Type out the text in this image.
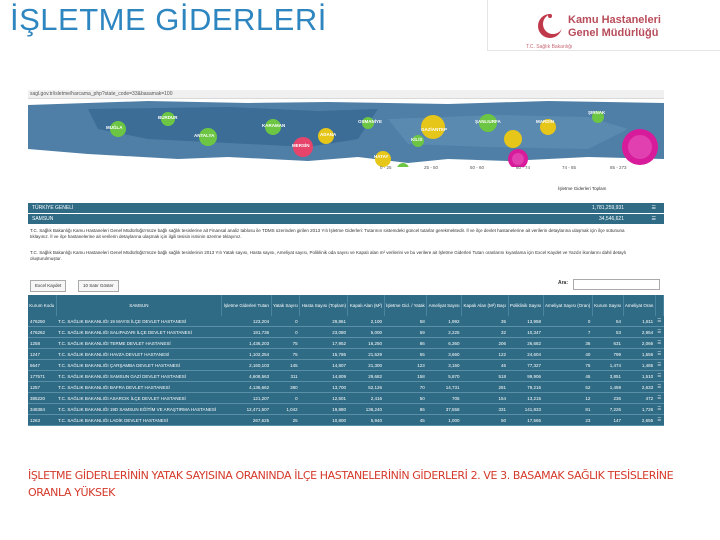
İŞLETME GİDERLERİ	Kamu Hastaneleri
Genel Müdürlüğü
T.C. Sağlık Bakanlığı
sagl.gov.tr/isletme/harcama_php?state_code=33&basamak=100
BURDUR
MUĞLA
ANTALYA
KARAMAN
ADANA
MERSİN
OSMANİYE
GAZİANTEP
ŞANLIURFA
KİLİS
HATAY
MARDİN
ŞIRNAK
0 - 25	25 - 50	50 - 60	60 - 74	74 - 85	85 - 273
İşletme Giderleri Toplam
TÜRKİYE GENELİ	1,781,259,931	☰
SAMSUN	34,546,621	☰
T.C. Sağlık Bakanlığı Kamu Hastaneleri Genel Müdürlüğü'müze bağlı sağlık tesislerine ait Finansal analiz tablosu ile TDMS üzerinden girilen 2013 Yılı İşletme Giderleri: Tutarının sistemdeki güncel tutarlar gerekmektedir. İl ve ilçe devlet hastanelerine ait verilerin detaylarına ulaşmak için ilçe sütununa tıklayınız. İl ve ilçe hastanelerine ait verilerin detaylarına ulaşmak için ilgili tesisin isminin üzerine tıklayınız.
T.C. Sağlık Bakanlığı Kamu Hastaneleri Genel Müdürlüğü'müze bağlı sağlık tesislerinin 2013 Yılı Yatak sayısı, Hasta sayısı, Ameliyat sayısı, Poliklinik oda sayısı ve Kapalı alan m² verilerini ve bu verilere ait İşletme Giderleri Tutarı oranlarını kıyaslama için Excel Kaydet ve Yazdır ikonlarını dahil detaylı oluşturulmuştur.
Excel Kaydet	10 Satır Göster	Ara:
Kurum Kodu	SAMSUN	İşletme Giderleri Tutarı	Yatak Sayısı	Hasta Sayısı (Toplam)	Kapalı Alan (M²)	İşletme Gid. / Yatak	Ameliyat Sayısı	Kapalı Alan (M²) Başı	Poliklinik Sayısı	Ameliyat Sayısı (Oran)	Kurum Sayısı	Ameliyat Oran	
476250	T.C. SAĞLIK BAKANLIĞI 19 MAYIS İLÇE DEVLET HASTANESİ	123,204	0	29,861	2,100	58	1,992	35	13,958	0	54	1,811	☰
476262	T.C. SAĞLIK BAKANLIĞI SALIPAZARI İLÇE DEVLET HASTANESİ	181,736	0	23,080	5,000	59	2,225	32	10,347	7	53	2,954	☰
1258	T.C. SAĞLIK BAKANLIĞI TERME DEVLET HASTANESİ	1,436,203	75	17,952	16,250	86	6,360	206	26,682	36	631	2,066	☰
1247	T.C. SAĞLIK BAKANLIĞI HAVZA DEVLET HASTANESİ	1,102,254	75	15,786	21,529	55	3,660	122	24,604	40	799	1,556	☰
6647	T.C. SAĞLIK BAKANLIĞI ÇARŞAMBA DEVLET HASTANESİ	2,160,103	145	14,807	21,300	123	3,150	46	77,327	75	1,474	1,485	☰
177571	T.C. SAĞLIK BAKANLIĞI SAMSUN GAZİ DEVLET HASTANESİ	4,608,563	311	14,809	29,682	158	5,870	518	99,906	45	3,851	1,510	☰
1257	T.C. SAĞLIK BAKANLIĞI BAFRA DEVLET HASTANESİ	4,136,662	380	13,700	52,126	70	14,731	281	79,216	52	1,459	2,633	☰
385220	T.C. SAĞLIK BAKANLIĞI ASARCIK İLÇE DEVLET HASTANESİ	121,207	0	12,501	2,416	50	705	154	13,215	12	236	472	☰
348384	T.C. SAĞLIK BAKANLIĞI 19D SAMSUN EĞİTİM VE ARAŞTIRMA HASTANESİ	12,471,507	1,042	19,880	136,240	86	37,558	331	141,833	81	7,226	1,726	☰
1263	T.C. SAĞLIK BAKANLIĞI LADİK DEVLET HASTANESİ	267,625	25	10,800	5,940	45	1,000	50	17,565	23	147	2,655	☰

İŞLETME GİDERLERİNİN YATAK SAYISINA ORANINDA İLÇE HASTANELERİNİN GİDERLERİ 2. VE 3. BASAMAK SAĞLIK TESİSLERİNE ORANLA YÜKSEK
